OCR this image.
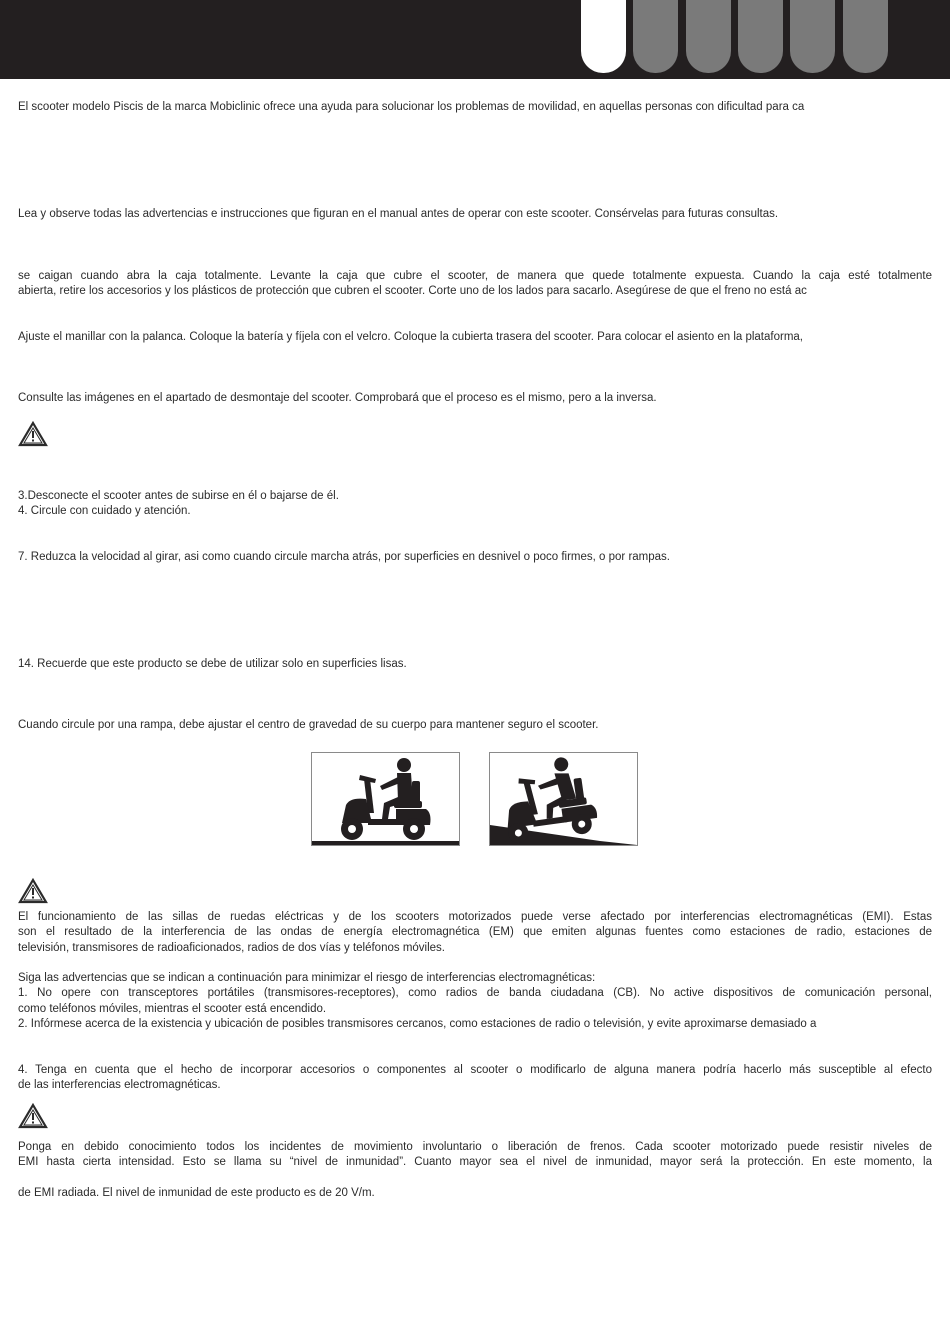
El scooter modelo Piscis de la marca Mobiclinic ofrece una ayuda para solucionar los problemas de movilidad, en aquellas personas con dificultad para ca
Lea y observe todas las advertencias e instrucciones que figuran en el manual antes de operar con este scooter. Consérvelas para futuras consultas.
se caigan cuando abra la caja totalmente. Levante la caja que cubre el scooter, de manera que quede totalmente expuesta. Cuando la caja esté totalmente
abierta, retire los accesorios y los plásticos de protección que cubren el scooter. Corte uno de los lados para sacarlo. Asegúrese de que el freno no está ac
Ajuste el manillar con la palanca. Coloque la batería y fíjela con el velcro. Coloque la cubierta trasera del scooter. Para colocar el asiento en la plataforma,
Consulte las imágenes en el apartado de desmontaje del scooter. Comprobará que el proceso es el mismo, pero a la inversa.
3.Desconecte el scooter antes de subirse en él o bajarse de él.
4. Circule con cuidado y atención.
7. Reduzca la velocidad al girar, asi como cuando circule marcha atrás, por superficies en desnivel o poco firmes, o por rampas.
14. Recuerde que este producto se debe de utilizar solo en superficies lisas.
Cuando circule por una rampa, debe ajustar el centro de gravedad de su cuerpo para mantener seguro el scooter.
El funcionamiento de las sillas de ruedas eléctricas y de los scooters motorizados puede verse afectado por interferencias electromagnéticas (EMI). Estas
son el resultado de la interferencia de las ondas de energía electromagnética (EM) que emiten algunas fuentes como estaciones de radio, estaciones de
televisión, transmisores de radioaficionados, radios de dos vías y teléfonos móviles.
Siga las advertencias que se indican a continuación para minimizar el riesgo de interferencias electromagnéticas:
1. No opere con transceptores portátiles (transmisores-receptores), como radios de banda ciudadana (CB). No active dispositivos de comunicación personal,
como teléfonos móviles, mientras el scooter está encendido.
2. Infórmese acerca de la existencia y ubicación de posibles transmisores cercanos, como estaciones de radio o televisión, y evite aproximarse demasiado a
4. Tenga en cuenta que el hecho de incorporar accesorios o componentes al scooter o modificarlo de alguna manera podría hacerlo más susceptible al efecto
de las interferencias electromagnéticas.
Ponga en debido conocimiento todos los incidentes de movimiento involuntario o liberación de frenos. Cada scooter motorizado puede resistir niveles de
EMI hasta cierta intensidad. Esto se llama su “nivel de inmunidad”. Cuanto mayor sea el nivel de inmunidad, mayor será la protección. En este momento, la
de EMI radiada. El nivel de inmunidad de este producto es de 20 V/m.
